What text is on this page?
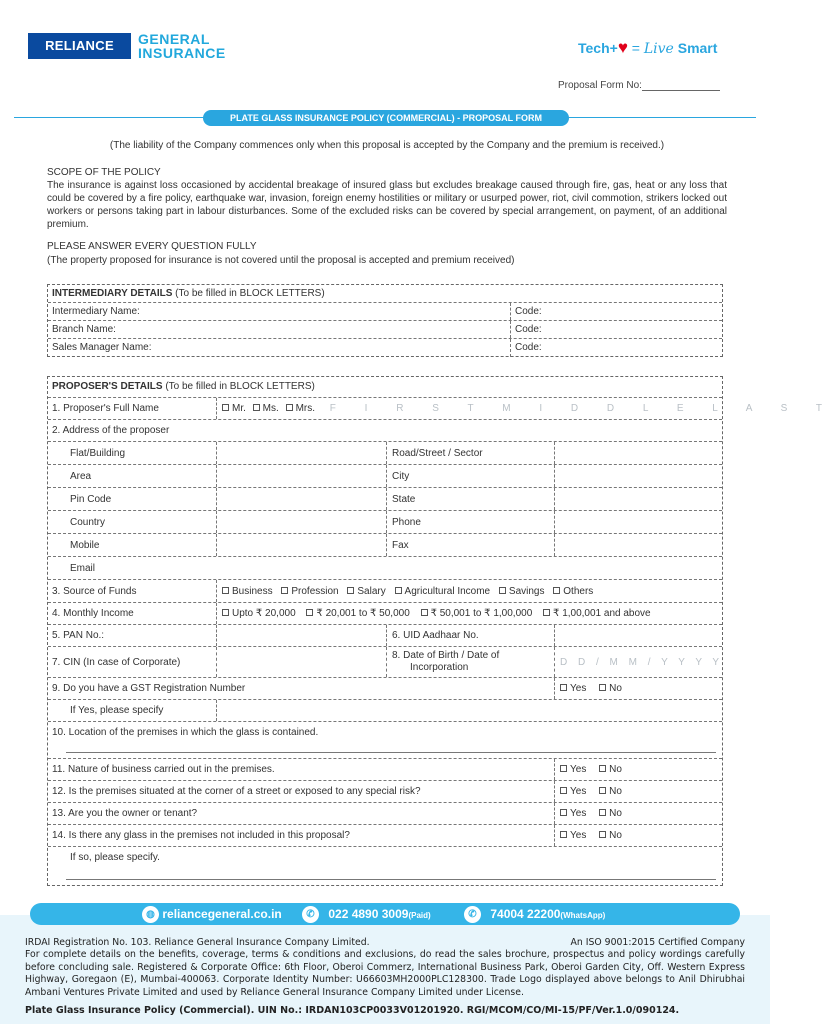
RELIANCE	GENERAL
INSURANCE	Tech+♥ = Live Smart
Proposal Form No:
PLATE GLASS INSURANCE POLICY (COMMERCIAL) - PROPOSAL FORM
(The liability of the Company commences only when this proposal is accepted by the Company and the premium is received.)
SCOPE OF THE POLICY
The insurance is against loss occasioned by accidental breakage of insured glass but excludes breakage caused through fire, gas, heat or any loss that could be covered by a fire policy, earthquake war, invasion, foreign enemy hostilities or military or usurped power, riot, civil commotion, strikers locked out workers or persons taking part in labour disturbances. Some of the excluded risks can be covered by special arrangement, on payment, of an additional premium.
PLEASE ANSWER EVERY QUESTION FULLY
(The property proposed for insurance is not covered until the proposal is accepted and premium received)
INTERMEDIARY DETAILS (To be filled in BLOCK LETTERS)
Intermediary Name:	Code:
Branch Name:	Code:
Sales Manager Name:	Code:
PROPOSER'S DETAILS (To be filled in BLOCK LETTERS)
1. Proposer's Full Name	Mr. Ms. Mrs. F I R S T M I D D L E L A S T
2. Address of the proposer
Flat/Building	Road/Street / Sector
Area	City
Pin Code	State
Country	Phone
Mobile	Fax
Email
3. Source of Funds	Business Profession Salary Agricultural Income Savings Others
4. Monthly Income	Upto ₹ 20,000 ₹ 20,001 to ₹ 50,000 ₹ 50,001 to ₹ 1,00,000 ₹ 1,00,001 and above
5. PAN No.:	6. UID Aadhaar No.
7. CIN (In case of Corporate)
8. Date of Birth / Date of
Incorporation	D D / M M / Y Y Y Y
9. Do you have a GST Registration Number	Yes No
If Yes, please specify
10. Location of the premises in which the glass is contained.
11. Nature of business carried out in the premises.	Yes No
12. Is the premises situated at the corner of a street or exposed to any special risk?	Yes No
13. Are you the owner or tenant?	Yes No
14. Is there any glass in the premises not included in this proposal?	Yes No
If so, please specify.
◍ reliancegeneral.co.in	✆ 022 4890 3009(Paid)	✆ 74004 22200(WhatsApp)
IRDAI Registration No. 103. Reliance General Insurance Company Limited.	An ISO 9001:2015 Certified Company
For complete details on the benefits, coverage, terms & conditions and exclusions, do read the sales brochure, prospectus and policy wordings carefully before concluding sale. Registered & Corporate Office: 6th Floor, Oberoi Commerz, International Business Park, Oberoi Garden City, Off. Western Express Highway, Goregaon (E), Mumbai-400063. Corporate Identity Number: U66603MH2000PLC128300. Trade Logo displayed above belongs to Anil Dhirubhai Ambani Ventures Private Limited and used by Reliance General Insurance Company Limited under License.
Plate Glass Insurance Policy (Commercial). UIN No.: IRDAN103CP0033V01201920. RGI/MCOM/CO/MI-15/PF/Ver.1.0/090124.
